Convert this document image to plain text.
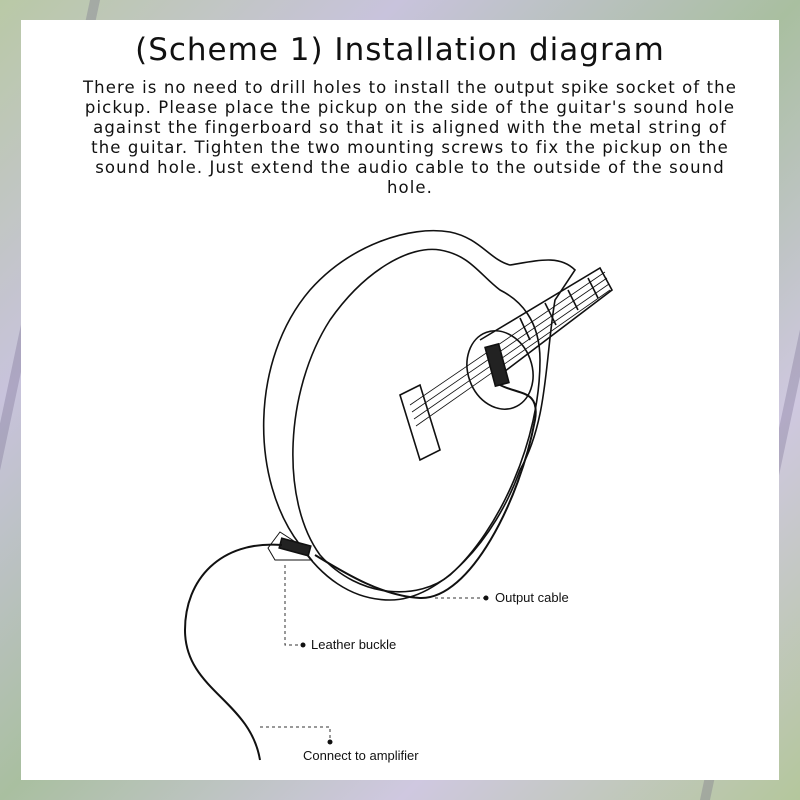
(Scheme 1) Installation diagram
There is no need to drill holes to install the output spike socket of the pickup. Please place the pickup on the side of the guitar's sound hole against the fingerboard so that it is aligned with the metal string of the guitar. Tighten the two mounting screws to fix the pickup on the sound hole. Just extend the audio cable to the outside of the sound hole.
Output cable
Leather buckle
Connect to amplifier
